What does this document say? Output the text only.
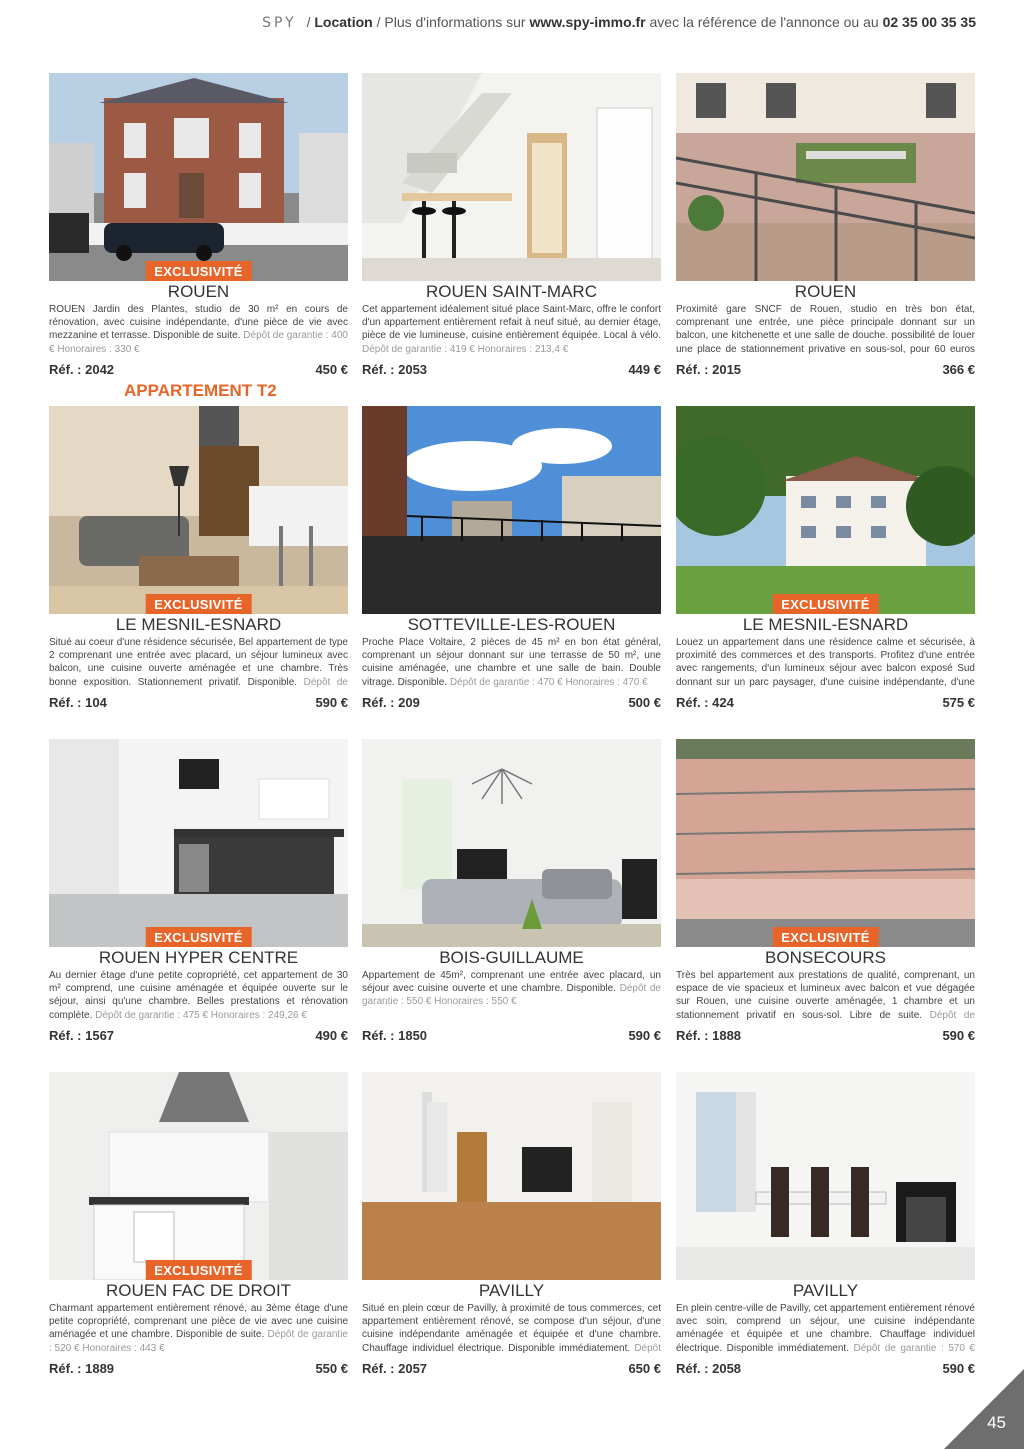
SPY / Location / Plus d'informations sur www.spy-immo.fr avec la référence de l'annonce ou au 02 35 00 35 35
APPARTEMENT T2
EXCLUSIVITÉ
ROUEN
ROUEN Jardin des Plantes, studio de 30 m² en cours de rénovation, avec cuisine indépendante, d'une pièce de vie avec mezzanine et terrasse. Disponible de suite. Dépôt de garantie : 400 € Honoraires : 330 €
Réf. : 2042	450 €
ROUEN SAINT-MARC
Cet appartement idéalement situé place Saint-Marc, offre le confort d'un appartement entièrement refait à neuf situé, au dernier étage, pièce de vie lumineuse, cuisine entièrement équipée. Local à vélo. Dépôt de garantie : 419 € Honoraires : 213,4 €
Réf. : 2053	449 €
ROUEN
Proximité gare SNCF de Rouen, studio en très bon état, comprenant une entrée, une pièce principale donnant sur un balcon, une kitchenette et une salle de douche. possibilité de louer une place de stationnement privative en sous-sol, pour 60 euros
Réf. : 2015	366 €
EXCLUSIVITÉ
LE MESNIL-ESNARD
Situé au coeur d'une résidence sécurisée, Bel appartement de type 2 comprenant une entrée avec placard, un séjour lumineux avec balcon, une cuisine ouverte aménagée et une chambre. Très bonne exposition. Stationnement privatif. Disponible. Dépôt de
Réf. : 104	590 €
SOTTEVILLE-LES-ROUEN
Proche Place Voltaire, 2 pièces de 45 m² en bon état général, comprenant un séjour donnant sur une terrasse de 50 m², une cuisine aménagée, une chambre et une salle de bain. Double vitrage. Disponible. Dépôt de garantie : 470 € Honoraires : 470 €
Réf. : 209	500 €
EXCLUSIVITÉ
LE MESNIL-ESNARD
Louez un appartement dans une résidence calme et sécurisée, à proximité des commerces et des transports. Profitez d'une entrée avec rangements, d'un lumineux séjour avec balcon exposé Sud donnant sur un parc paysager, d'une cuisine indépendante, d'une
Réf. : 424	575 €
EXCLUSIVITÉ
ROUEN HYPER CENTRE
Au dernier étage d'une petite copropriété, cet appartement de 30 m² comprend, une cuisine aménagée et équipée ouverte sur le séjour, ainsi qu'une chambre. Belles prestations et rénovation complète. Dépôt de garantie : 475 € Honoraires : 249,26 €
Réf. : 1567	490 €
BOIS-GUILLAUME
Appartement de 45m², comprenant une entrée avec placard, un séjour avec cuisine ouverte et une chambre. Disponible. Dépôt de garantie : 550 € Honoraires : 550 €
Réf. : 1850	590 €
EXCLUSIVITÉ
BONSECOURS
Très bel appartement aux prestations de qualité, comprenant, un espace de vie spacieux et lumineux avec balcon et vue dégagée sur Rouen, une cuisine ouverte aménagée, 1 chambre et un stationnement privatif en sous-sol. Libre de suite. Dépôt de
Réf. : 1888	590 €
EXCLUSIVITÉ
ROUEN FAC DE DROIT
Charmant appartement entièrement rénové, au 3ème étage d'une petite copropriété, comprenant une pièce de vie avec une cuisine aménagée et une chambre. Disponible de suite. Dépôt de garantie : 520 € Honoraires : 443 €
Réf. : 1889	550 €
PAVILLY
Situé en plein cœur de Pavilly, à proximité de tous commerces, cet appartement entièrement rénové, se compose d'un séjour, d'une cuisine indépendante aménagée et équipée et d'une chambre. Chauffage individuel électrique. Disponible immédiatement. Dépôt
Réf. : 2057	650 €
PAVILLY
En plein centre-ville de Pavilly, cet appartement entièrement rénové avec soin, comprend un séjour, une cuisine indépendante aménagée et équipée et une chambre. Chauffage individuel électrique. Disponible immédiatement. Dépôt de garantie : 570 €
Réf. : 2058	590 €
45
